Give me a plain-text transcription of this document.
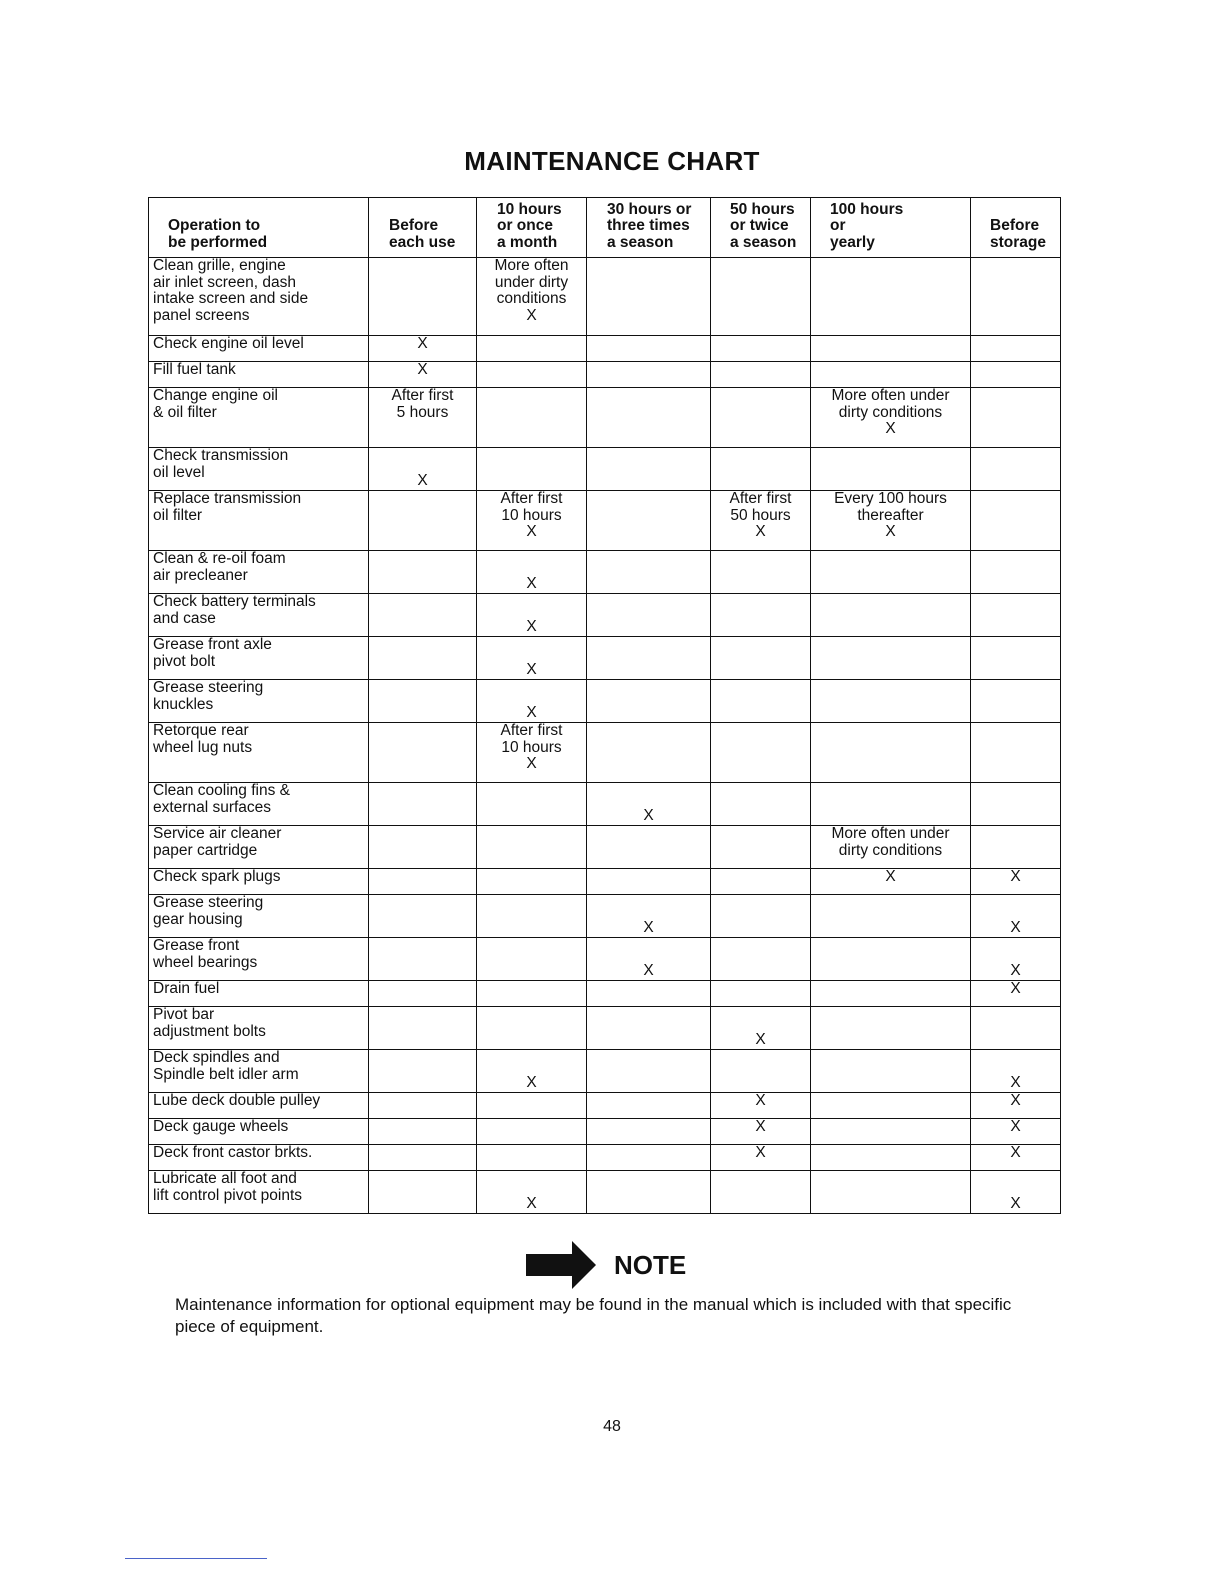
MAINTENANCE CHART
Operation to
be performed	Before
each use	10 hours
or once
a month	30 hours or
three times
a season	50 hours
or twice
a season	100 hours
or
yearly	Before
storage

Clean grille, engine
air inlet screen, dash
intake screen and side
panel screens		More often
under dirty
conditions
X				
Check engine oil level	X					
Fill fuel tank	X					
Change engine oil
& oil filter	After first
5 hours				More often under
dirty conditions
X	
Check transmission
oil level	X					
Replace transmission
oil filter		After first
10 hours
X		After first
50 hours
X	Every 100 hours
thereafter
X	
Clean & re-oil foam
air precleaner		X				
Check battery terminals
and case		X				
Grease front axle
pivot bolt		X				
Grease steering
knuckles		X				
Retorque rear
wheel lug nuts		After first
10 hours
X				
Clean cooling fins &
external surfaces			X			
Service air cleaner
paper cartridge					More often under
dirty conditions	
Check spark plugs					X	X
Grease steering
gear housing			X			X
Grease front
wheel bearings			X			X
Drain fuel						X
Pivot bar
adjustment bolts				X		
Deck spindles and
Spindle belt idler arm		X				X
Lube deck double pulley				X		X
Deck gauge wheels				X		X
Deck front castor brkts.				X		X
Lubricate all foot and
lift control pivot points		X				X
NOTE
Maintenance information for optional equipment may be found in the manual which is included with that specific piece of equipment.
48
